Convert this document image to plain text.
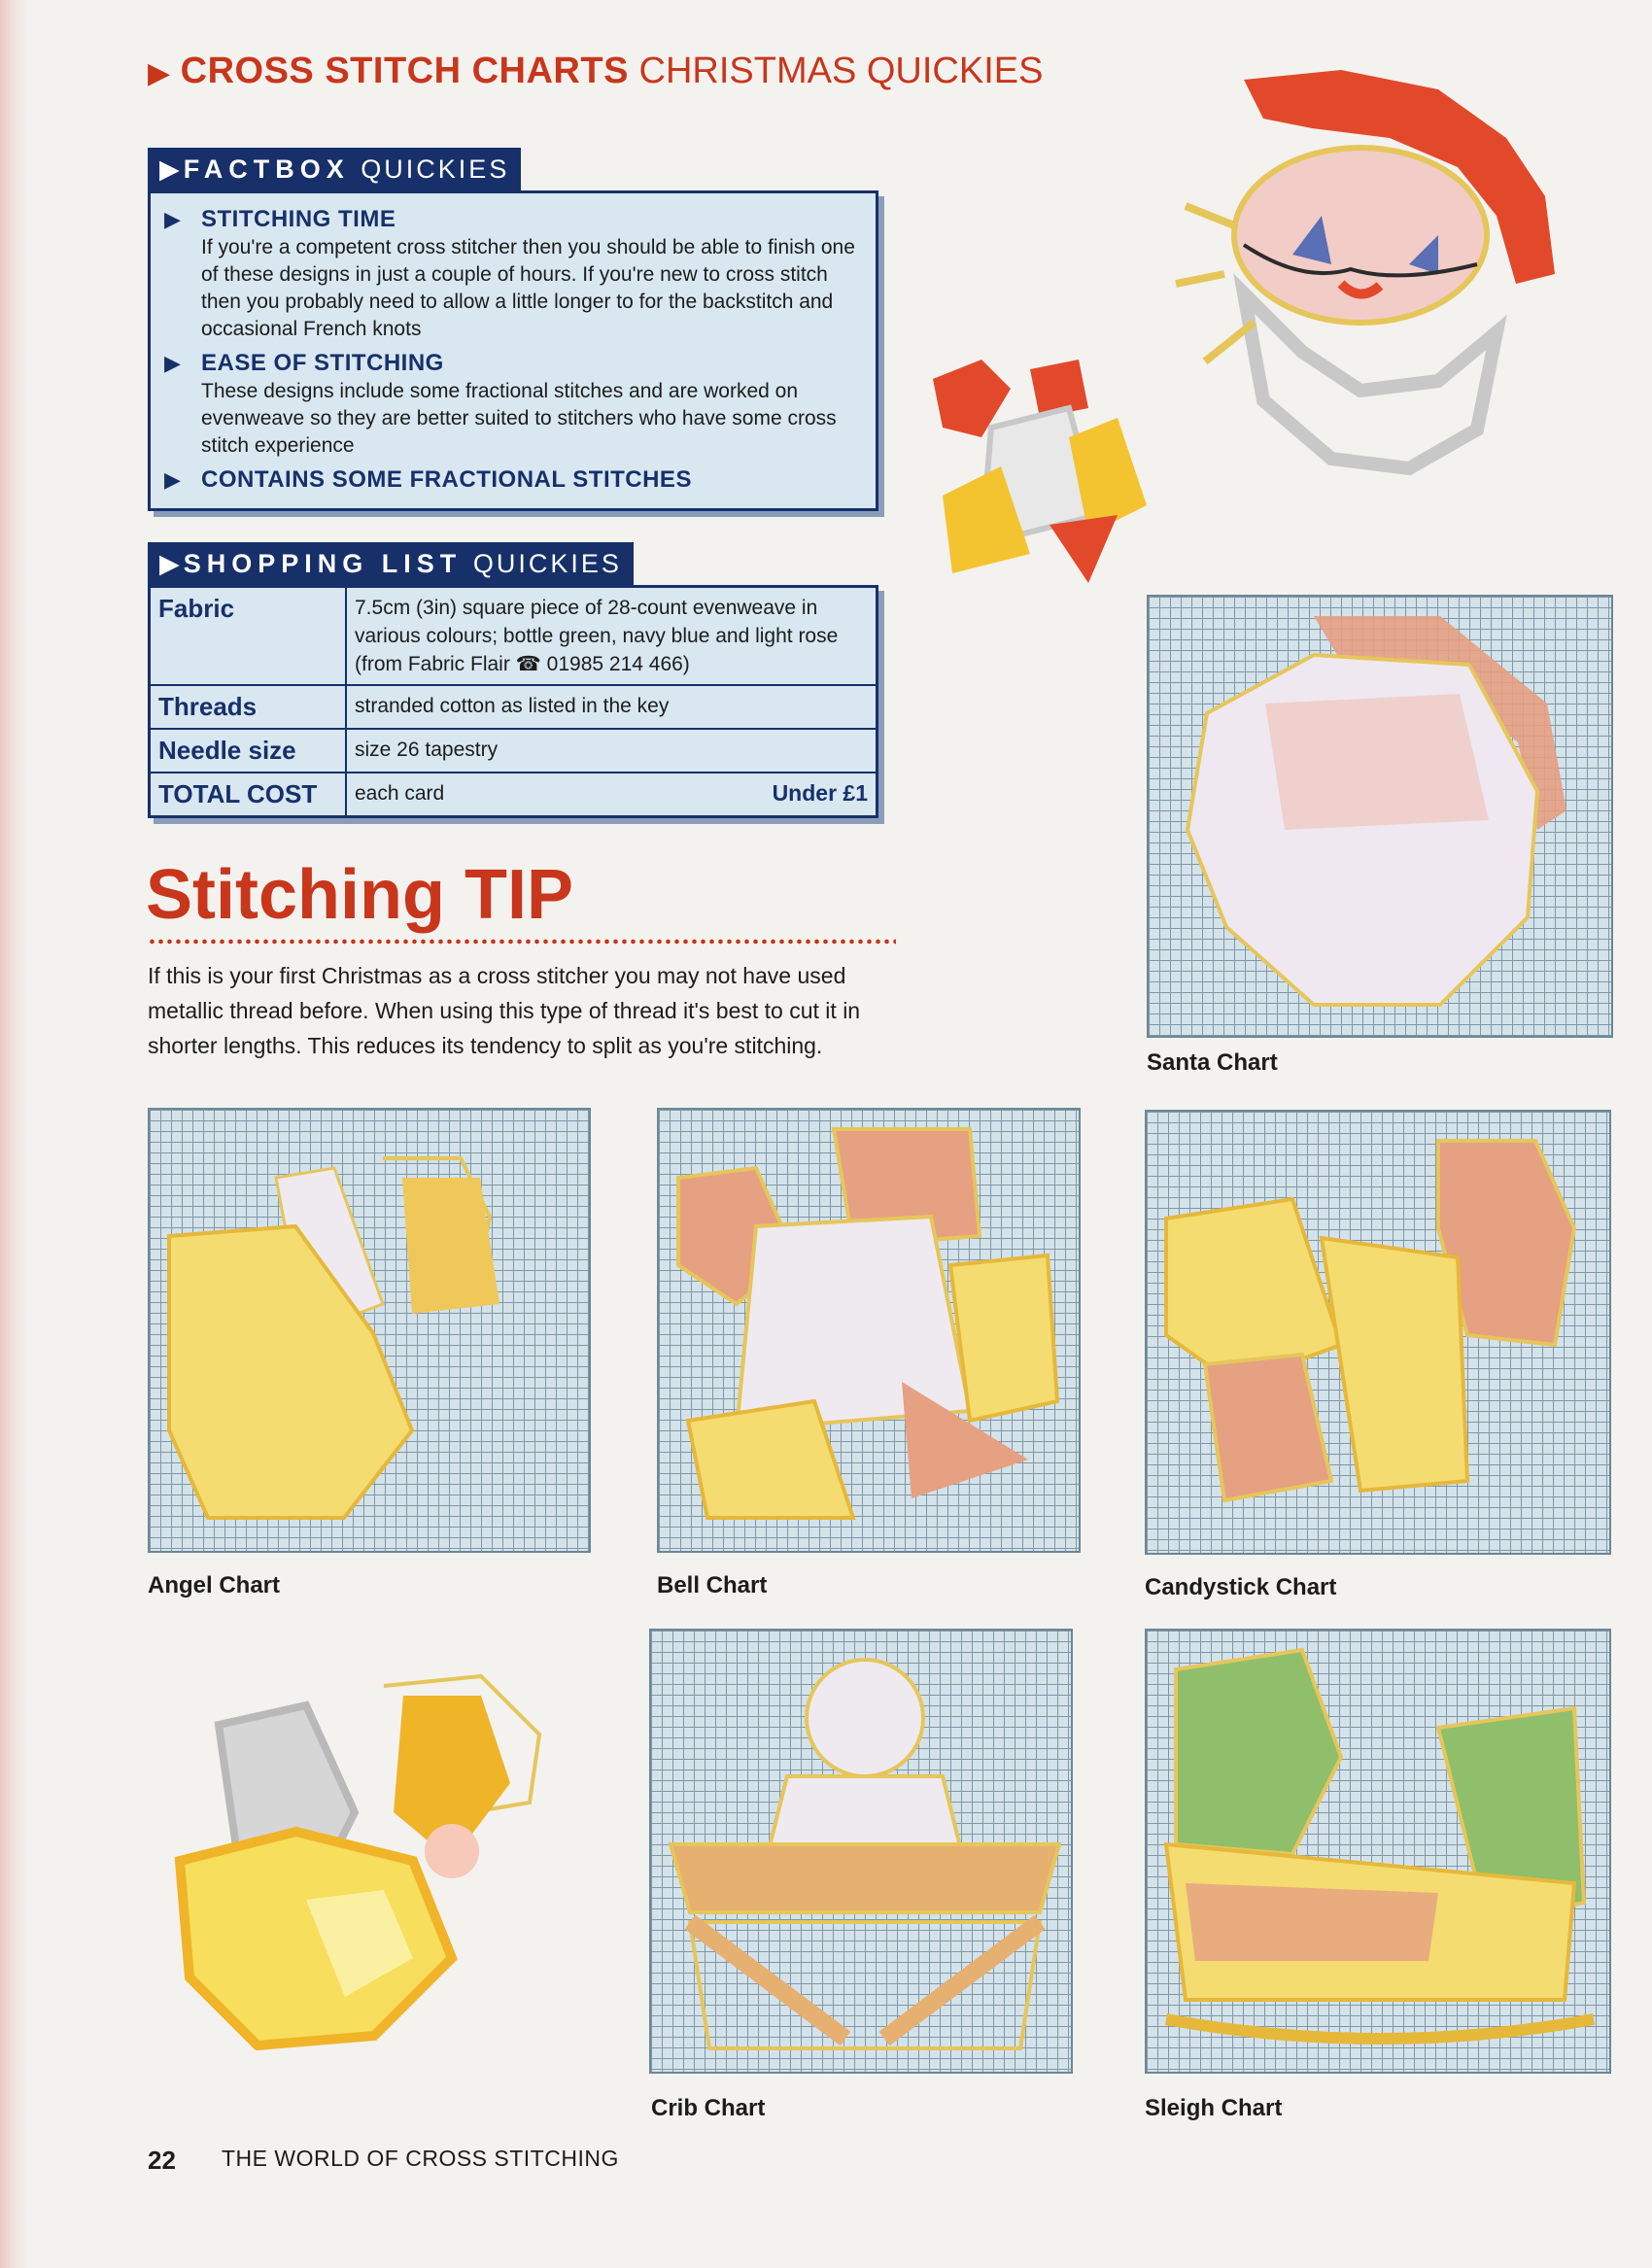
▶ CROSS STITCH CHARTS CHRISTMAS QUICKIES
▶FACTBOX QUICKIES
▶ STITCHING TIME
If you're a competent cross stitcher then you should be able to finish one of these designs in just a couple of hours. If you're new to cross stitch then you probably need to allow a little longer to for the backstitch and occasional French knots
▶ EASE OF STITCHING
These designs include some fractional stitches and are worked on evenweave so they are better suited to stitchers who have some cross stitch experience
▶ CONTAINS SOME FRACTIONAL STITCHES
▶SHOPPING LIST QUICKIES
Fabric	7.5cm (3in) square piece of 28-count evenweave in various colours; bottle green, navy blue and light rose (from Fabric Flair ☎ 01985 214 466)
Threads	stranded cotton as listed in the key
Needle size	size 26 tapestry
TOTAL COST	each card	Under £1
Stitching TIP
If this is your first Christmas as a cross stitcher you may not have used metallic thread before. When using this type of thread it's best to cut it in shorter lengths. This reduces its tendency to split as you're stitching.
Santa Chart
Angel Chart	Bell Chart	Candystick Chart
Crib Chart	Sleigh Chart
22 THE WORLD OF CROSS STITCHING
